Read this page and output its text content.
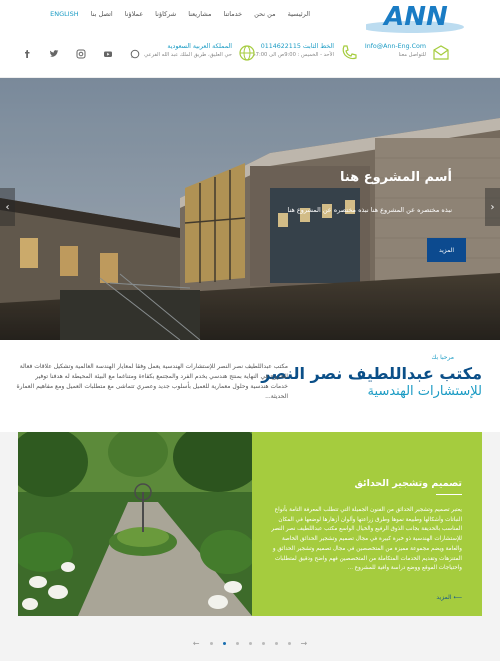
ANN
الرئيسية
من نحن
خدماتنا
مشاريعنا
شركاؤنا
عملاؤنا
اتصل بنا
ENGLISH
Info@Ann-Eng.Com
للتواصل معنا
الخط الثابت 0114622115
الأحد - الخميس : 9:00ص الى 7:00م
المملكة العربية السعودية
حي العليق، طريق الملك عبد الله الفرعي
أسم المشروع هنا
نبذه مختصره عن المشروع هنا نبذه مختصره عن المشروع هنا
المزيد
‹	›
مرحبا بك
مكتب عبداللطيف نصر النصر
للإستشارات الهندسية
مكتب عبداللطيف نصر النصر للإستشارات الهندسية يعمل وفقا لمعايار الهندسة العالمية وتشكيل علاقات فعالة للخروج في النهاية بمنتج هندسي يخدم الفرد والمجتمع بكفاءة ومتناغما مع البيئة المحيطة له هدفنا توفير خدمات هندسية وحلول معمارية للعميل بأسلوب جديد وعصري تتماشى مع متطلبات العميل ومع مفاهيم العمارة الحديثة...
تصميم وتشجير الحدائق
يعتبر تصميم وتشجير الحدائق من الفنون الجميلة التي تتطلب المعرفة التامة بأنواع النباتات وأشكالها وطبيعة نموها وطرق زراعتها وألوان أزهارها لوضعها في المكان المناسب بالحديقة بجانب الذوق الرفيع والخيال الواسع مكتب عبداللطيف نصر النصر للإستشارات الهندسية ذو خبرة كبيرة في مجال تصميم وتشجير الحدائق الخاصة والعامة ويضم مجموعة مميزة من المتخصصين في مجال تصميم وتشجير الحدائق و المتنزهات وتقديم الخدمات المتكاملة من المتخصصين فهم واضح ودقيق لمتطلبات واحتياجات الموقع ووضع دراسة وافية للمشروع ...
⟵ المزيد
←	→
